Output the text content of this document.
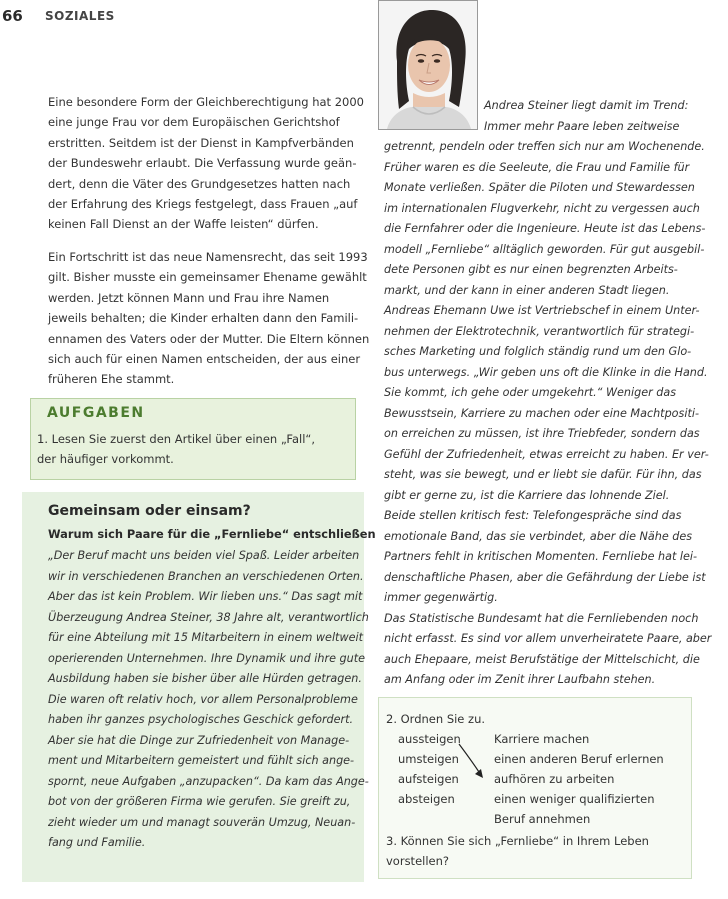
66 SOZIALES

Eine besondere Form der Gleichberechtigung hat 2000
eine junge Frau vor dem Europäischen Gerichtshof
erstritten. Seitdem ist der Dienst in Kampfverbänden
der Bundeswehr erlaubt. Die Verfassung wurde geän-
dert, denn die Väter des Grundgesetzes hatten nach
der Erfahrung des Kriegs festgelegt, dass Frauen „auf
keinen Fall Dienst an der Waffe leisten“ dürfen.

Ein Fortschritt ist das neue Namensrecht, das seit 1993
gilt. Bisher musste ein gemeinsamer Ehename gewählt
werden. Jetzt können Mann und Frau ihre Namen
jeweils behalten; die Kinder erhalten dann den Famili-
ennamen des Vaters oder der Mutter. Die Eltern können
sich auch für einen Namen entscheiden, der aus einer
früheren Ehe stammt.

AUFGABEN

1. Lesen Sie zuerst den Artikel über einen „Fall“,
der häufiger vorkommt.

Gemeinsam oder einsam?
Warum sich Paare für die „Fernliebe“ entschließen

„Der Beruf macht uns beiden viel Spaß. Leider arbeiten
wir in verschiedenen Branchen an verschiedenen Orten.
Aber das ist kein Problem. Wir lieben uns.“ Das sagt mit
Überzeugung Andrea Steiner, 38 Jahre alt, verantwortlich
für eine Abteilung mit 15 Mitarbeitern in einem weltweit
operierenden Unternehmen. Ihre Dynamik und ihre gute
Ausbildung haben sie bisher über alle Hürden getragen.
Die waren oft relativ hoch, vor allem Personalprobleme
haben ihr ganzes psychologisches Geschick gefordert.
Aber sie hat die Dinge zur Zufriedenheit von Manage-
ment und Mitarbeitern gemeistert und fühlt sich ange-
spornt, neue Aufgaben „anzupacken“. Da kam das Ange-
bot von der größeren Firma wie gerufen. Sie greift zu,
zieht wieder um und managt souverän Umzug, Neuan-
fang und Familie.

Andrea Steiner liegt damit im Trend:
Immer mehr Paare leben zeitweise
getrennt, pendeln oder treffen sich nur am Wochenende.
Früher waren es die Seeleute, die Frau und Familie für
Monate verließen. Später die Piloten und Stewardessen
im internationalen Flugverkehr, nicht zu vergessen auch
die Fernfahrer oder die Ingenieure. Heute ist das Lebens-
modell „Fernliebe“ alltäglich geworden. Für gut ausgebil-
dete Personen gibt es nur einen begrenzten Arbeits-
markt, und der kann in einer anderen Stadt liegen.
Andreas Ehemann Uwe ist Vertriebschef in einem Unter-
nehmen der Elektrotechnik, verantwortlich für strategi-
sches Marketing und folglich ständig rund um den Glo-
bus unterwegs. „Wir geben uns oft die Klinke in die Hand.
Sie kommt, ich gehe oder umgekehrt.“ Weniger das
Bewusstsein, Karriere zu machen oder eine Machtpositi-
on erreichen zu müssen, ist ihre Triebfeder, sondern das
Gefühl der Zufriedenheit, etwas erreicht zu haben. Er ver-
steht, was sie bewegt, und er liebt sie dafür. Für ihn, das
gibt er gerne zu, ist die Karriere das lohnende Ziel.
Beide stellen kritisch fest: Telefongespräche sind das
emotionale Band, das sie verbindet, aber die Nähe des
Partners fehlt in kritischen Momenten. Fernliebe hat lei-
denschaftliche Phasen, aber die Gefährdung der Liebe ist
immer gegenwärtig.
Das Statistische Bundesamt hat die Fernliebenden noch
nicht erfasst. Es sind vor allem unverheiratete Paare, aber
auch Ehepaare, meist Berufstätige der Mittelschicht, die
am Anfang oder im Zenit ihrer Laufbahn stehen.

2. Ordnen Sie zu.
aussteigen
umsteigen
aufsteigen
absteigen
Karriere machen
einen anderen Beruf erlernen
aufhören zu arbeiten
einen weniger qualifizierten
Beruf annehmen
3. Können Sie sich „Fernliebe“ in Ihrem Leben
vorstellen?
